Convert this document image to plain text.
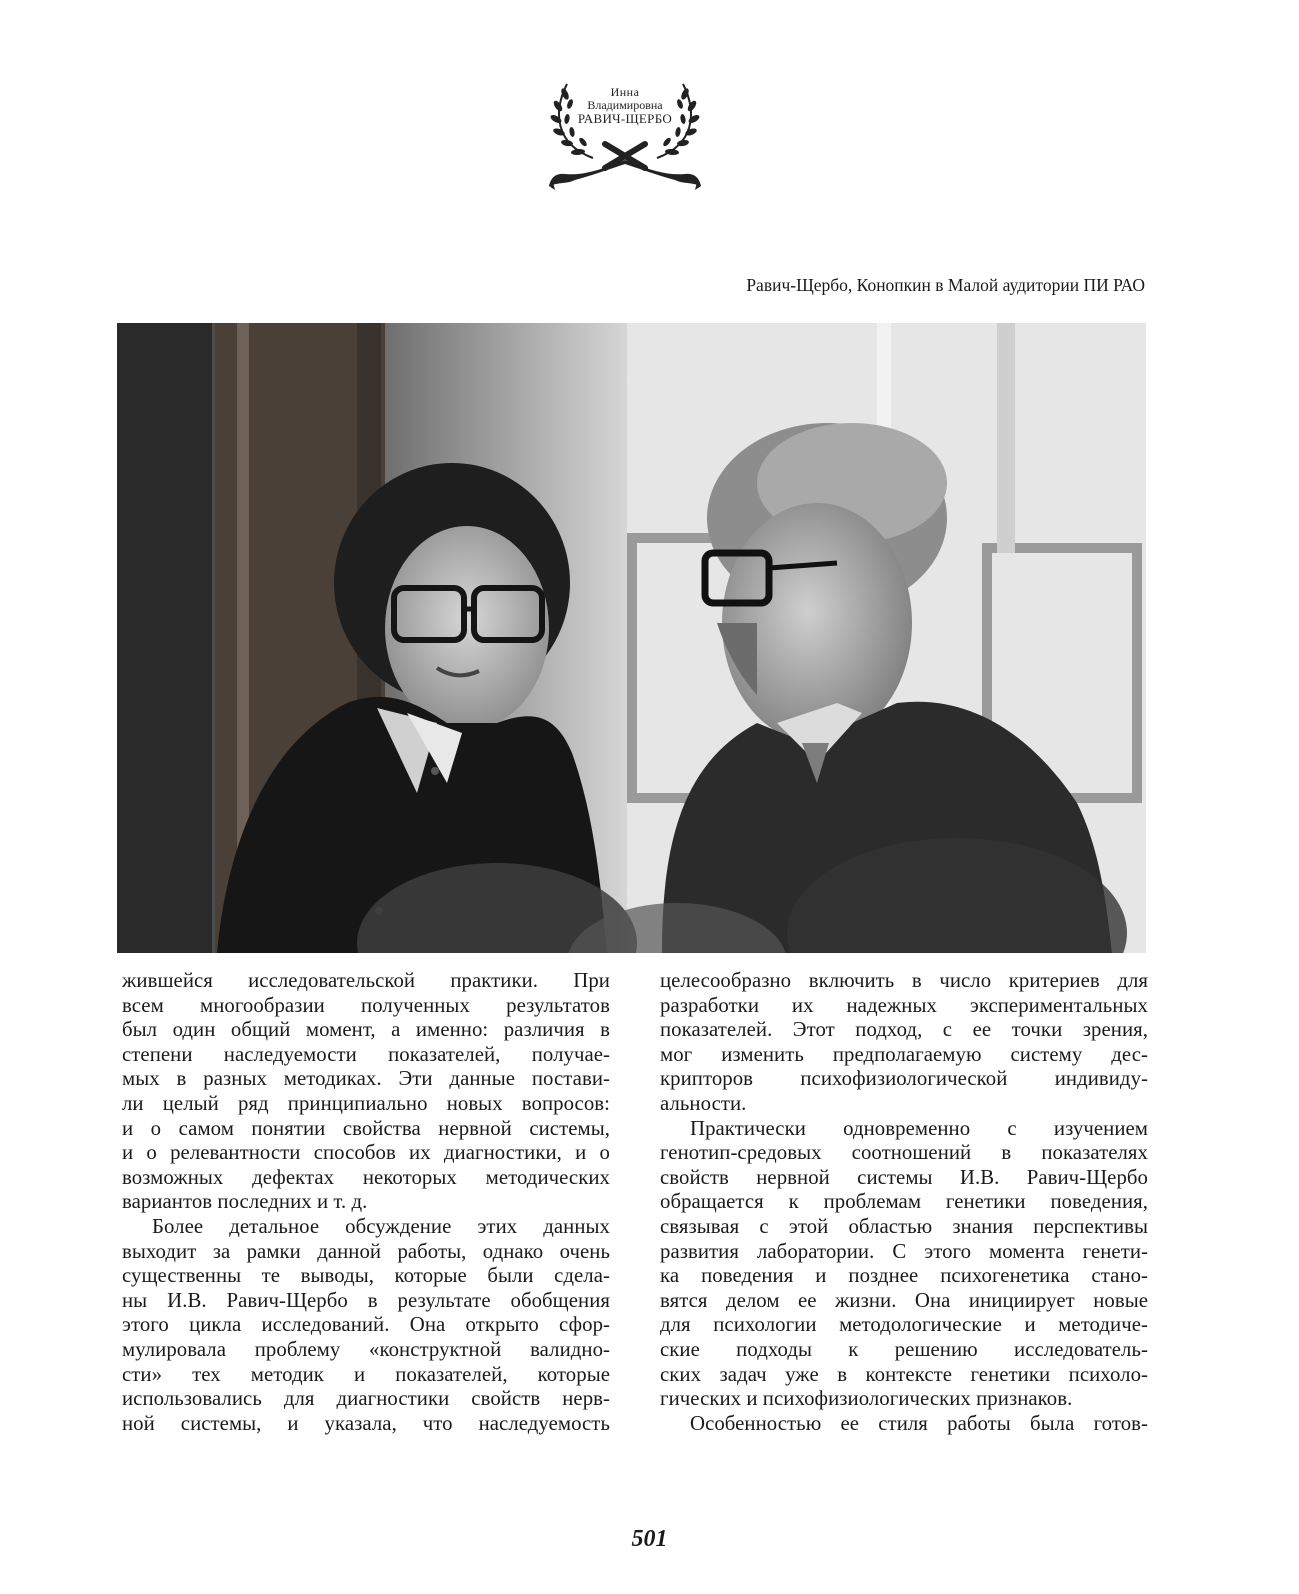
Инна
Владимировна
РАВИЧ-ЩЕРБО
Равич-Щербо, Конопкин в Малой аудитории ПИ РАО
жившейся исследовательской практики. При
всем многообразии полученных результатов
был один общий момент, а именно: различия в
степени наследуемости показателей, получае-
мых в разных методиках. Эти данные постави-
ли целый ряд принципиально новых вопросов:
и о самом понятии свойства нервной системы,
и о релевантности способов их диагностики, и о
возможных дефектах некоторых методических
вариантов последних и т. д.
Более детальное обсуждение этих данных
выходит за рамки данной работы, однако очень
существенны те выводы, которые были сдела-
ны И.В. Равич-Щербо в результате обобщения
этого цикла исследований. Она открыто сфор-
мулировала проблему «конструктной валидно-
сти» тех методик и показателей, которые
использовались для диагностики свойств нерв-
ной системы, и указала, что наследуемость
целесообразно включить в число критериев для
разработки их надежных экспериментальных
показателей. Этот подход, с ее точки зрения,
мог изменить предполагаемую систему дес-
крипторов психофизиологической индивиду-
альности.
Практически одновременно с изучением
генотип-средовых соотношений в показателях
свойств нервной системы И.В. Равич-Щербо
обращается к проблемам генетики поведения,
связывая с этой областью знания перспективы
развития лаборатории. С этого момента генети-
ка поведения и позднее психогенетика стано-
вятся делом ее жизни. Она инициирует новые
для психологии методологические и методиче-
ские подходы к решению исследователь-
ских задач уже в контексте генетики психоло-
гических и психофизиологических признаков.
Особенностью ее стиля работы была готов-
501
